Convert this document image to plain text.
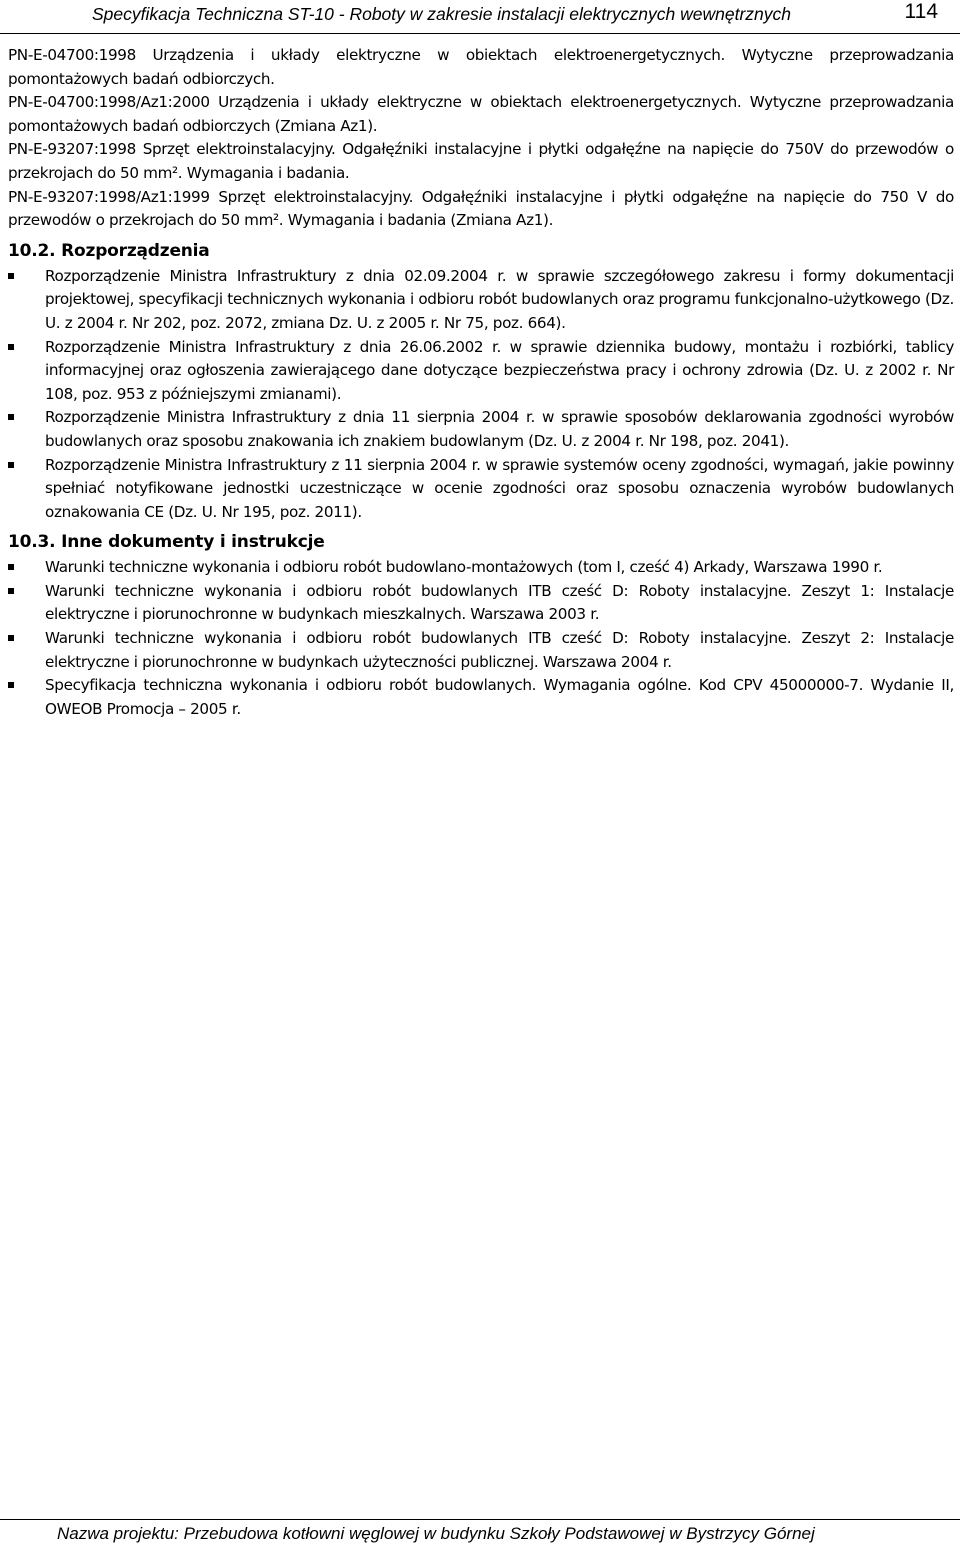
Specyfikacja Techniczna ST-10 - Roboty w zakresie instalacji elektrycznych wewnętrznych	114

PN-E-04700:1998 Urządzenia i układy elektryczne w obiektach elektroenergetycznych. Wytyczne przeprowadzania pomontażowych badań odbiorczych.

PN-E-04700:1998/Az1:2000 Urządzenia i układy elektryczne w obiektach elektroenergetycznych. Wytyczne przeprowadzania pomontażowych badań odbiorczych (Zmiana Az1).

PN-E-93207:1998 Sprzęt elektroinstalacyjny. Odgałęźniki instalacyjne i płytki odgałęźne na napięcie do 750V do przewodów o przekrojach do 50 mm². Wymagania i badania.

PN-E-93207:1998/Az1:1999 Sprzęt elektroinstalacyjny. Odgałęźniki instalacyjne i płytki odgałęźne na napięcie do 750 V do przewodów o przekrojach do 50 mm². Wymagania i badania (Zmiana Az1).

10.2. Rozporządzenia
Rozporządzenie Ministra Infrastruktury z dnia 02.09.2004 r. w sprawie szczegółowego zakresu i formy dokumentacji projektowej, specyfikacji technicznych wykonania i odbioru robót budowlanych oraz programu funkcjonalno-użytkowego (Dz. U. z 2004 r. Nr 202, poz. 2072, zmiana Dz. U. z 2005 r. Nr 75, poz. 664).
Rozporządzenie Ministra Infrastruktury z dnia 26.06.2002 r. w sprawie dziennika budowy, montażu i rozbiórki, tablicy informacyjnej oraz ogłoszenia zawierającego dane dotyczące bezpieczeństwa pracy i ochrony zdrowia (Dz. U. z 2002 r. Nr 108, poz. 953 z późniejszymi zmianami).
Rozporządzenie Ministra Infrastruktury z dnia 11 sierpnia 2004 r. w sprawie sposobów deklarowania zgodności wyrobów budowlanych oraz sposobu znakowania ich znakiem budowlanym (Dz. U. z 2004 r. Nr 198, poz. 2041).
Rozporządzenie Ministra Infrastruktury z 11 sierpnia 2004 r. w sprawie systemów oceny zgodności, wymagań, jakie powinny spełniać notyfikowane jednostki uczestniczące w ocenie zgodności oraz sposobu oznaczenia wyrobów budowlanych oznakowania CE (Dz. U. Nr 195, poz. 2011).
10.3. Inne dokumenty i instrukcje
Warunki techniczne wykonania i odbioru robót budowlano-montażowych (tom I, cześć 4) Arkady, Warszawa 1990 r.
Warunki techniczne wykonania i odbioru robót budowlanych ITB cześć D: Roboty instalacyjne. Zeszyt 1: Instalacje elektryczne i piorunochronne w budynkach mieszkalnych. Warszawa 2003 r.
Warunki techniczne wykonania i odbioru robót budowlanych ITB cześć D: Roboty instalacyjne. Zeszyt 2: Instalacje elektryczne i piorunochronne w budynkach użyteczności publicznej. Warszawa 2004 r.
Specyfikacja techniczna wykonania i odbioru robót budowlanych. Wymagania ogólne. Kod CPV 45000000-7. Wydanie II, OWEOB Promocja – 2005 r.
Nazwa projektu: Przebudowa kotłowni węglowej w budynku Szkoły Podstawowej w Bystrzycy Górnej
